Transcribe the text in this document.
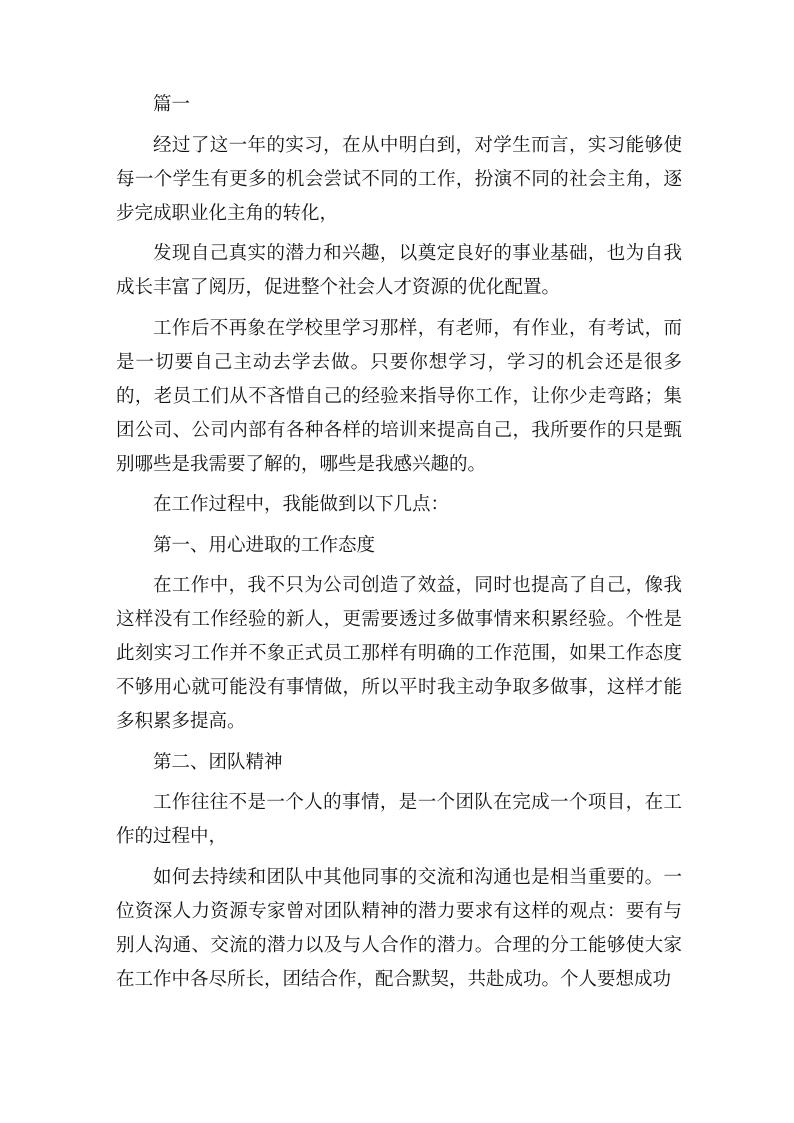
篇一

经过了这一年的实习，在从中明白到，对学生而言，实习能够使每一个学生有更多的机会尝试不同的工作，扮演不同的社会主角，逐步完成职业化主角的转化，

发现自己真实的潜力和兴趣，以奠定良好的事业基础，也为自我成长丰富了阅历，促进整个社会人才资源的优化配置。

工作后不再象在学校里学习那样，有老师，有作业，有考试，而是一切要自己主动去学去做。只要你想学习，学习的机会还是很多的，老员工们从不吝惜自己的经验来指导你工作，让你少走弯路；集团公司、公司内部有各种各样的培训来提高自己，我所要作的只是甄别哪些是我需要了解的，哪些是我感兴趣的。

在工作过程中，我能做到以下几点：

第一、用心进取的工作态度

在工作中，我不只为公司创造了效益，同时也提高了自己，像我这样没有工作经验的新人，更需要透过多做事情来积累经验。个性是此刻实习工作并不象正式员工那样有明确的工作范围，如果工作态度不够用心就可能没有事情做，所以平时我主动争取多做事，这样才能多积累多提高。

第二、团队精神

工作往往不是一个人的事情，是一个团队在完成一个项目，在工作的过程中，

如何去持续和团队中其他同事的交流和沟通也是相当重要的。一位资深人力资源专家曾对团队精神的潜力要求有这样的观点：要有与别人沟通、交流的潜力以及与人合作的潜力。合理的分工能够使大家在工作中各尽所长，团结合作，配合默契，共赴成功。个人要想成功
